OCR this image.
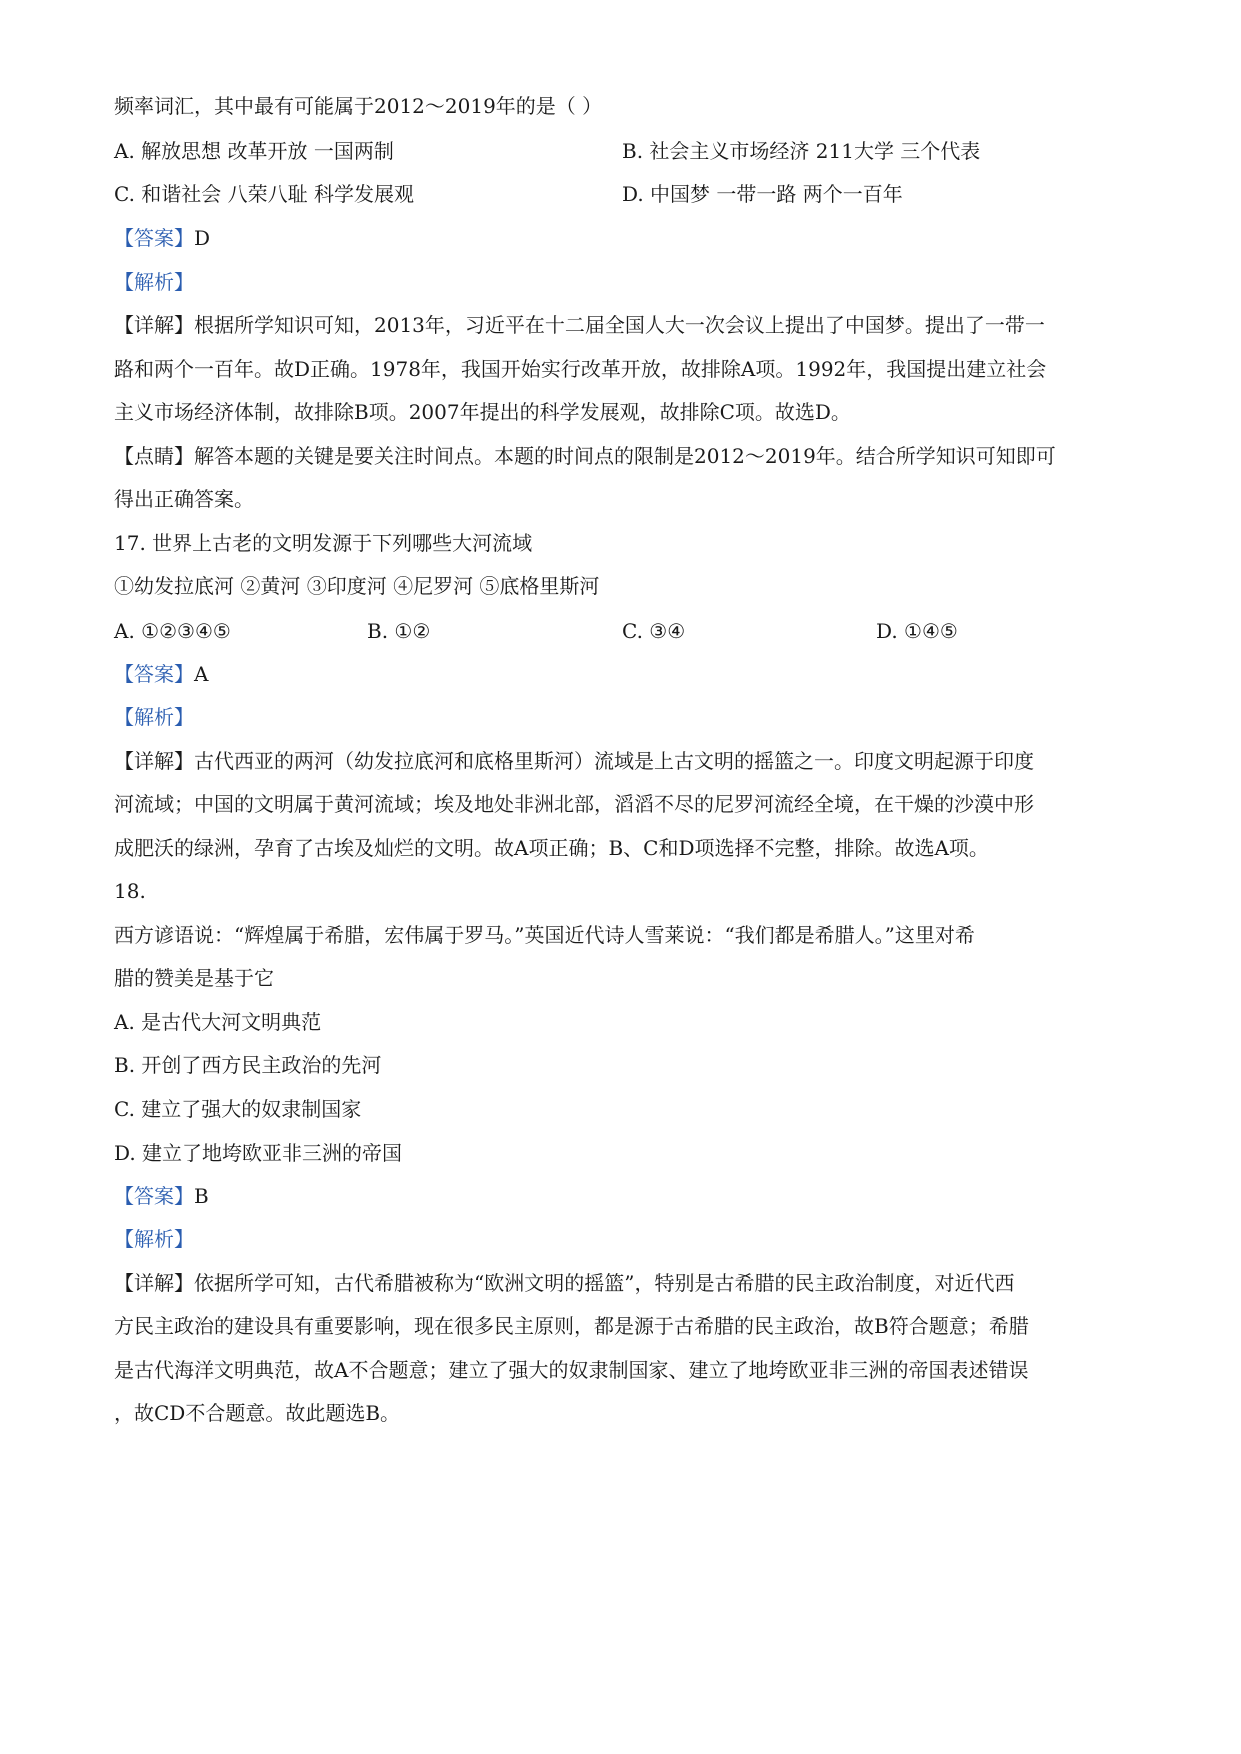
频率词汇，其中最有可能属于2012～2019年的是（ ）
A. 解放思想 改革开放 一国两制	B. 社会主义市场经济 211大学 三个代表
C. 和谐社会 八荣八耻 科学发展观	D. 中国梦 一带一路 两个一百年
【答案】D
【解析】
【详解】根据所学知识可知，2013年，习近平在十二届全国人大一次会议上提出了中国梦。提出了一带一
路和两个一百年。故D正确。1978年，我国开始实行改革开放，故排除A项。1992年，我国提出建立社会
主义市场经济体制，故排除B项。2007年提出的科学发展观，故排除C项。故选D。
【点睛】解答本题的关键是要关注时间点。本题的时间点的限制是2012～2019年。结合所学知识可知即可
得出正确答案。
17. 世界上古老的文明发源于下列哪些大河流域
①幼发拉底河 ②黄河 ③印度河 ④尼罗河 ⑤底格里斯河
A. ①②③④⑤	B. ①②	C. ③④	D. ①④⑤
【答案】A
【解析】
【详解】古代西亚的两河（幼发拉底河和底格里斯河）流域是上古文明的摇篮之一。印度文明起源于印度
河流域；中国的文明属于黄河流域；埃及地处非洲北部，滔滔不尽的尼罗河流经全境，在干燥的沙漠中形
成肥沃的绿洲，孕育了古埃及灿烂的文明。故A项正确；B、C和D项选择不完整，排除。故选A项。
18.
西方谚语说：“辉煌属于希腊，宏伟属于罗马。”英国近代诗人雪莱说：“我们都是希腊人。”这里对希
腊的赞美是基于它
A. 是古代大河文明典范
B. 开创了西方民主政治的先河
C. 建立了强大的奴隶制国家
D. 建立了地垮欧亚非三洲的帝国
【答案】B
【解析】
【详解】依据所学可知，古代希腊被称为“欧洲文明的摇篮”，特别是古希腊的民主政治制度，对近代西
方民主政治的建设具有重要影响，现在很多民主原则，都是源于古希腊的民主政治，故B符合题意；希腊
是古代海洋文明典范，故A不合题意；建立了强大的奴隶制国家、建立了地垮欧亚非三洲的帝国表述错误
，故CD不合题意。故此题选B。
